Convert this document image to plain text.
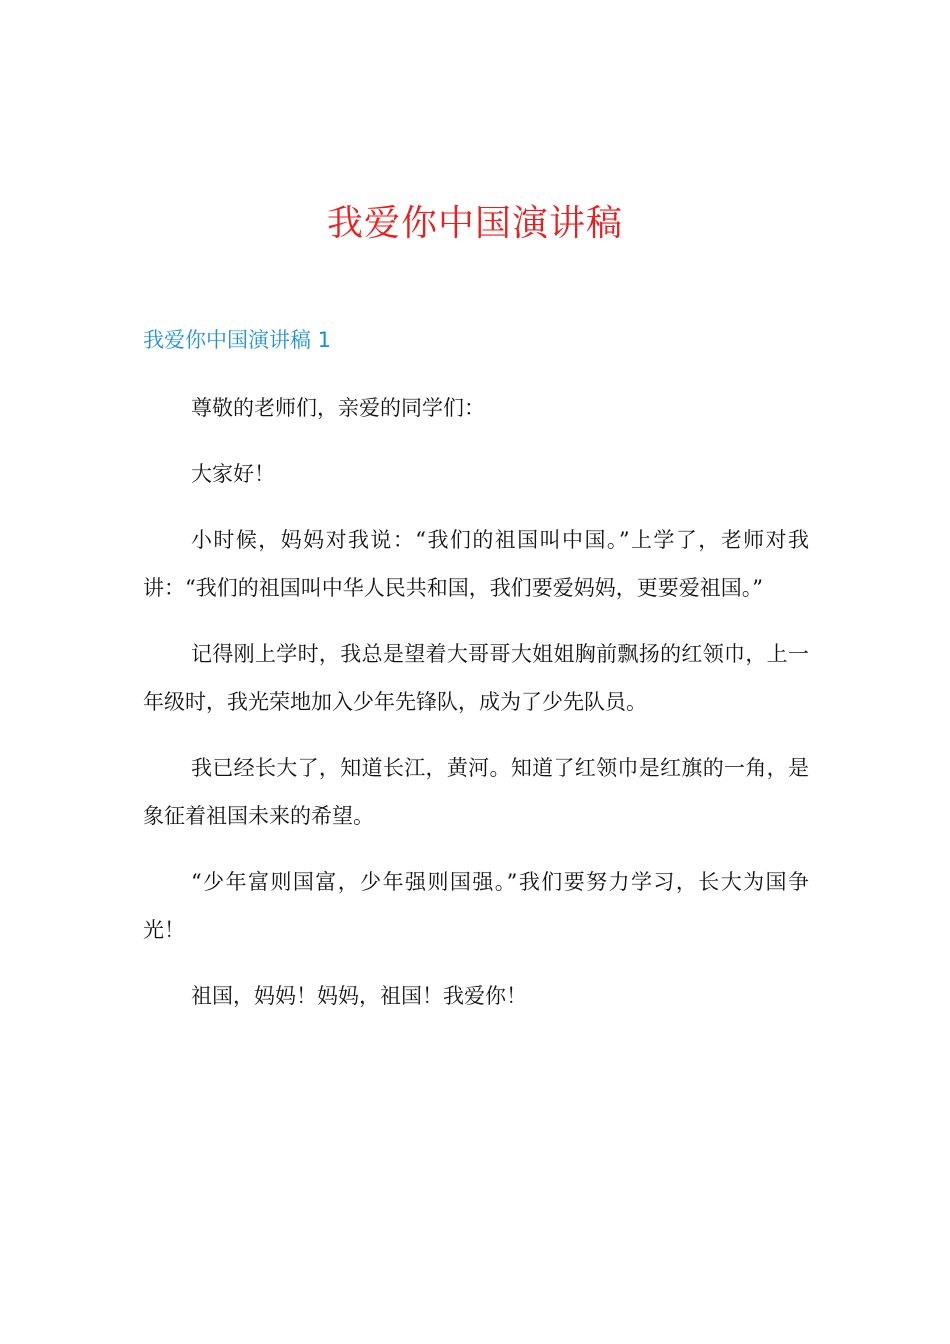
我爱你中国演讲稿
我爱你中国演讲稿 1

尊敬的老师们，亲爱的同学们：

大家好！

小时候，妈妈对我说：“我们的祖国叫中国。”上学了，老师对我讲：“我们的祖国叫中华人民共和国，我们要爱妈妈，更要爱祖国。”

记得刚上学时，我总是望着大哥哥大姐姐胸前飘扬的红领巾，上一年级时，我光荣地加入少年先锋队，成为了少先队员。

我已经长大了，知道长江，黄河。知道了红领巾是红旗的一角，是象征着祖国未来的希望。

“少年富则国富，少年强则国强。”我们要努力学习，长大为国争光！

祖国，妈妈！妈妈，祖国！我爱你！
